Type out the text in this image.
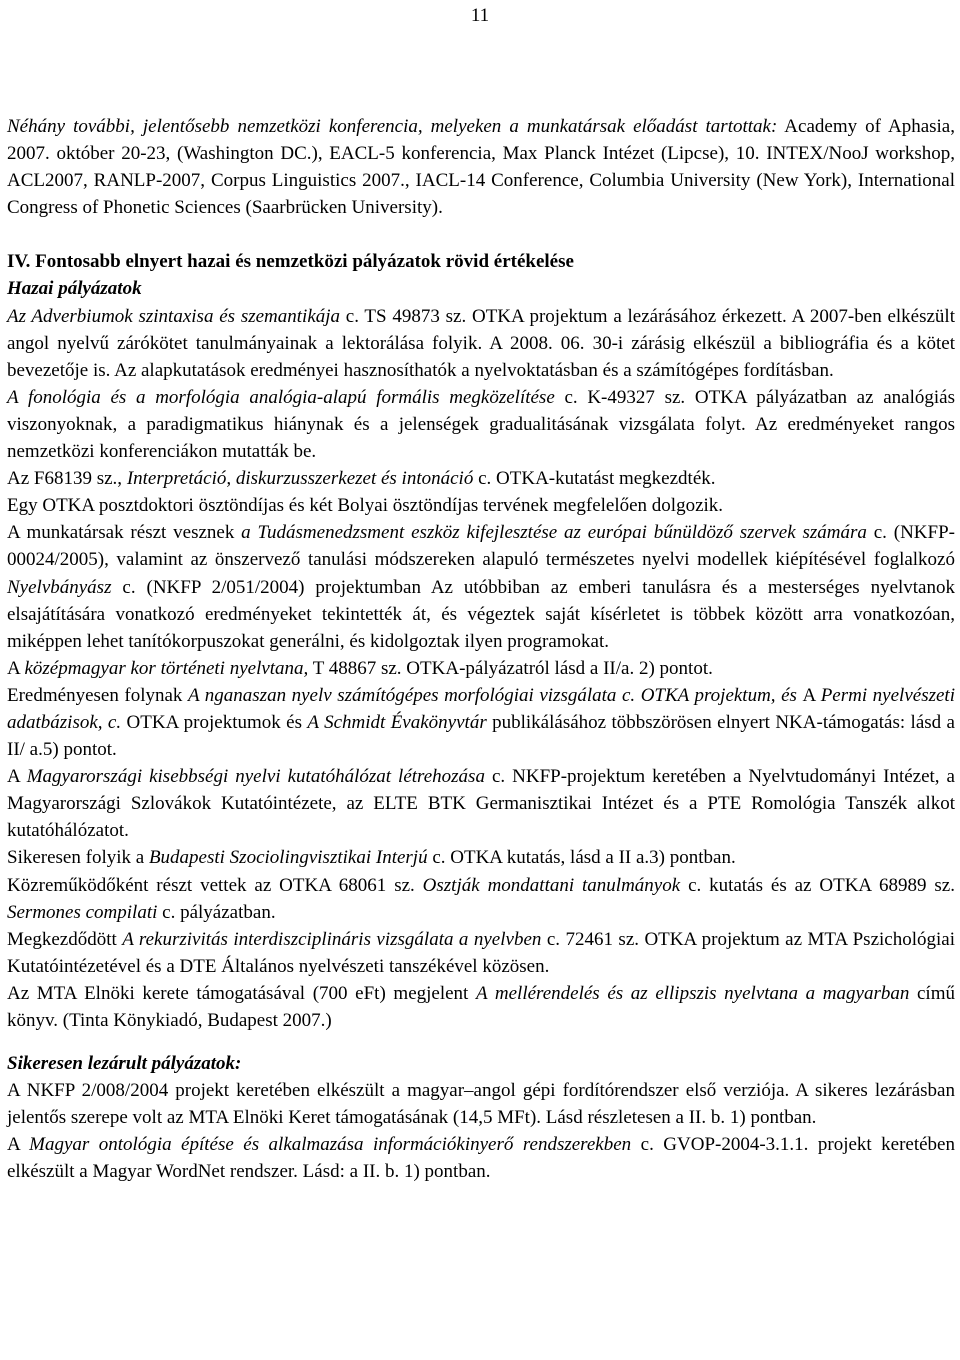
11

Néhány további, jelentősebb nemzetközi konferencia, melyeken a munkatársak előadást tartottak: Academy of Aphasia, 2007. október 20-23, (Washington DC.), EACL-5 konferencia, Max Planck Intézet (Lipcse), 10. INTEX/NooJ workshop, ACL2007, RANLP-2007, Corpus Linguistics 2007., IACL-14 Conference, Columbia University (New York), International Congress of Phonetic Sciences (Saarbrücken University).

IV. Fontosabb elnyert hazai és nemzetközi pályázatok rövid értékelése

Hazai pályázatok

Az Adverbiumok szintaxisa és szemantikája c. TS 49873 sz. OTKA projektum a lezárásához érkezett. A 2007-ben elkészült angol nyelvű zárókötet tanulmányainak a lektorálása folyik. A 2008. 06. 30-i zárásig elkészül a bibliográfia és a kötet bevezetője is. Az alapkutatások eredményei hasznosíthatók a nyelvoktatásban és a számítógépes fordításban.

A fonológia és a morfológia analógia-alapú formális megközelítése c. K-49327 sz. OTKA pályázatban az analógiás viszonyoknak, a paradigmatikus hiánynak és a jelenségek gradualitásának vizsgálata folyt. Az eredményeket rangos nemzetközi konferenciákon mutatták be.

Az F68139 sz., Interpretáció, diskurzusszerkezet és intonáció c. OTKA-kutatást megkezdték.

Egy OTKA posztdoktori ösztöndíjas és két Bolyai ösztöndíjas tervének megfelelően dolgozik.

A munkatársak részt vesznek a Tudásmenedzsment eszköz kifejlesztése az európai bűnüldöző szervek számára c. (NKFP-00024/2005), valamint az önszervező tanulási módszereken alapuló természetes nyelvi modellek kiépítésével foglalkozó Nyelvbányász c. (NKFP 2/051/2004) projektumban Az utóbbiban az emberi tanulásra és a mesterséges nyelvtanok elsajátítására vonatkozó eredményeket tekintették át, és végeztek saját kísérletet is többek között arra vonatkozóan, miképpen lehet tanítókorpuszokat generálni, és kidolgoztak ilyen programokat.

A középmagyar kor történeti nyelvtana, T 48867 sz. OTKA-pályázatról lásd a II/a. 2) pontot.

Eredményesen folynak A nganaszan nyelv számítógépes morfológiai vizsgálata c. OTKA projektum, és A Permi nyelvészeti adatbázisok, c. OTKA projektumok és A Schmidt Évakönyvtár publikálásához többszörösen elnyert NKA-támogatás: lásd a II/ a.5) pontot.

A Magyarországi kisebbségi nyelvi kutatóhálózat létrehozása c. NKFP-projektum keretében a Nyelvtudományi Intézet, a Magyarországi Szlovákok Kutatóintézete, az ELTE BTK Germanisztikai Intézet és a PTE Romológia Tanszék alkot kutatóhálózatot.

Sikeresen folyik a Budapesti Szociolingvisztikai Interjú c. OTKA kutatás, lásd a II a.3) pontban.

Közreműködőként részt vettek az OTKA 68061 sz. Osztják mondattani tanulmányok c. kutatás és az OTKA 68989 sz. Sermones compilati c. pályázatban.

Megkezdődött A rekurzivitás interdiszciplináris vizsgálata a nyelvben c. 72461 sz. OTKA projektum az MTA Pszichológiai Kutatóintézetével és a DTE Általános nyelvészeti tanszékével közösen.

Az MTA Elnöki kerete támogatásával (700 eFt) megjelent A mellérendelés és az ellipszis nyelvtana a magyarban című könyv. (Tinta Könykiadó, Budapest 2007.)

Sikeresen lezárult pályázatok:

A NKFP 2/008/2004 projekt keretében elkészült a magyar–angol gépi fordítórendszer első verziója. A sikeres lezárásban jelentős szerepe volt az MTA Elnöki Keret támogatásának (14,5 MFt). Lásd részletesen a II. b. 1) pontban.

A Magyar ontológia építése és alkalmazása információkinyerő rendszerekben c. GVOP-2004-3.1.1. projekt keretében elkészült a Magyar WordNet rendszer. Lásd: a II. b. 1) pontban.
